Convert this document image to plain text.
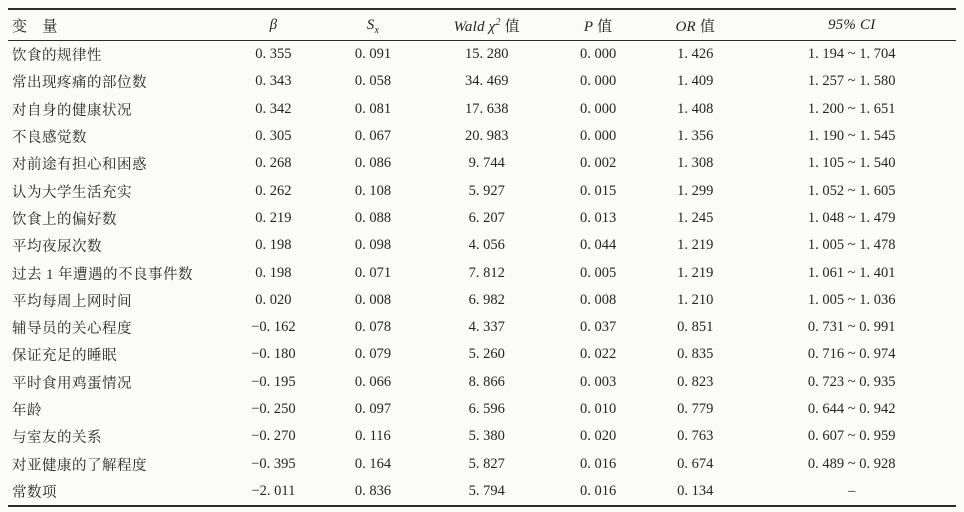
变　量	β	$S_x$	Wald $\chi^2$ 值	P 值	OR 值	95% CI
饮食的规律性	0. 355	0. 091	15. 280	0. 000	1. 426	1. 194 ~ 1. 704
常出现疼痛的部位数	0. 343	0. 058	34. 469	0. 000	1. 409	1. 257 ~ 1. 580
对自身的健康状况	0. 342	0. 081	17. 638	0. 000	1. 408	1. 200 ~ 1. 651
不良感觉数	0. 305	0. 067	20. 983	0. 000	1. 356	1. 190 ~ 1. 545
对前途有担心和困惑	0. 268	0. 086	9. 744	0. 002	1. 308	1. 105 ~ 1. 540
认为大学生活充实	0. 262	0. 108	5. 927	0. 015	1. 299	1. 052 ~ 1. 605
饮食上的偏好数	0. 219	0. 088	6. 207	0. 013	1. 245	1. 048 ~ 1. 479
平均夜尿次数	0. 198	0. 098	4. 056	0. 044	1. 219	1. 005 ~ 1. 478
过去 1 年遭遇的不良事件数	0. 198	0. 071	7. 812	0. 005	1. 219	1. 061 ~ 1. 401
平均每周上网时间	0. 020	0. 008	6. 982	0. 008	1. 210	1. 005 ~ 1. 036
辅导员的关心程度	−0. 162	0. 078	4. 337	0. 037	0. 851	0. 731 ~ 0. 991
保证充足的睡眠	−0. 180	0. 079	5. 260	0. 022	0. 835	0. 716 ~ 0. 974
平时食用鸡蛋情况	−0. 195	0. 066	8. 866	0. 003	0. 823	0. 723 ~ 0. 935
年龄	−0. 250	0. 097	6. 596	0. 010	0. 779	0. 644 ~ 0. 942
与室友的关系	−0. 270	0. 116	5. 380	0. 020	0. 763	0. 607 ~ 0. 959
对亚健康的了解程度	−0. 395	0. 164	5. 827	0. 016	0. 674	0. 489 ~ 0. 928
常数项	−2. 011	0. 836	5. 794	0. 016	0. 134	–
